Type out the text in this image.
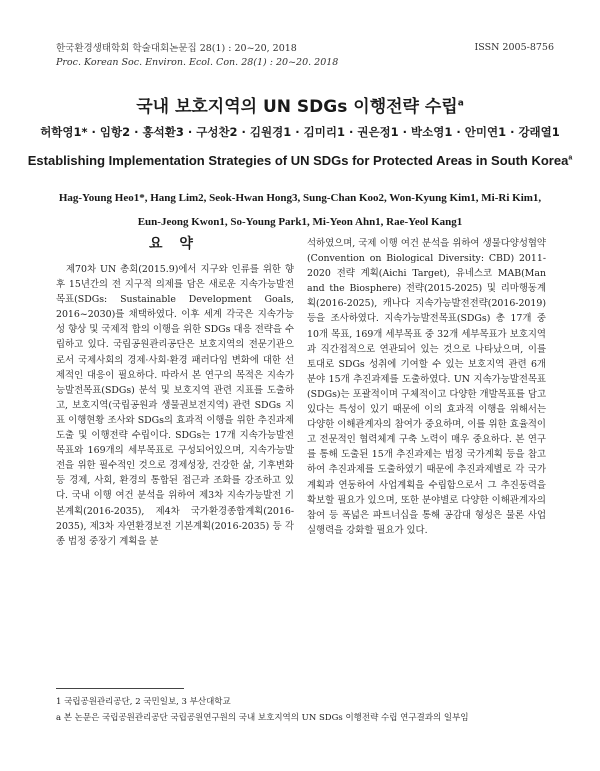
한국환경생태학회 학술대회논문집 28(1) : 20~20, 2018
Proc. Korean Soc. Environ. Ecol. Con. 28(1) : 20~20. 2018
ISSN 2005-8756
국내 보호지역의 UN SDGs 이행전략 수립$^a$
허학영1* · 임항2 · 홍석환3 · 구성찬2 · 김원경1 · 김미리1 · 권은정1 · 박소영1 · 안미연1 · 강래열1
Establishing Implementation Strategies of UN SDGs for Protected Areas in South Korea$^a$
Hag-Young Heo1*, Hang Lim2, Seok-Hwan Hong3, Sung-Chan Koo2, Won-Kyung Kim1, Mi-Ri Kim1,
Eun-Jeong Kwon1, So-Young Park1, Mi-Yeon Ahn1, Rae-Yeol Kang1
요 약

제70차 UN 총회(2015.9)에서 지구와 인류를 위한 향후 15년간의 전 지구적 의제를 담은 새로운 지속가능발전목표(SDGs: Sustainable Development Goals, 2016~2030)를 채택하였다. 이후 세계 각국은 지속가능성 향상 및 국제적 합의 이행을 위한 SDGs 대응 전략을 수립하고 있다. 국립공원관리공단은 보호지역의 전문기관으로서 국제사회의 경제·사회·환경 패러다임 변화에 대한 선제적인 대응이 필요하다. 따라서 본 연구의 목적은 지속가능발전목표(SDGs) 분석 및 보호지역 관련 지표를 도출하고, 보호지역(국립공원과 생물권보전지역) 관련 SDGs 지표 이행현황 조사와 SDGs의 효과적 이행을 위한 추진과제 도출 및 이행전략 수립이다. SDGs는 17개 지속가능발전목표와 169개의 세부목표로 구성되어있으며, 지속가능발전을 위한 필수적인 것으로 경제성장, 건강한 삶, 기후변화 등 경제, 사회, 환경의 통합된 접근과 조화를 강조하고 있다. 국내 이행 여건 분석을 위하여 제3차 지속가능발전 기본계획(2016-2035), 제4차 국가환경종합계획(2016-2035), 제3차 자연환경보전 기본계획(2016-2035) 등 각 종 법정 중장기 계획을 분

석하였으며, 국제 이행 여건 분석을 위하여 생물다양성협약(Convention on Biological Diversity: CBD) 2011-2020 전략 계획(Aichi Target), 유네스코 MAB(Man and the Biosphere) 전략(2015-2025) 및 리마행동계획(2016-2025), 캐나다 지속가능발전전략(2016-2019) 등을 조사하였다. 지속가능발전목표(SDGs) 총 17개 중 10개 목표, 169개 세부목표 중 32개 세부목표가 보호지역과 직간접적으로 연관되어 있는 것으로 나타났으며, 이를 토대로 SDGs 성취에 기여할 수 있는 보호지역 관련 6개 분야 15개 추진과제를 도출하였다. UN 지속가능발전목표(SDGs)는 포괄적이며 구체적이고 다양한 개발목표를 담고 있다는 특성이 있기 때문에 이의 효과적 이행을 위해서는 다양한 이해관계자의 참여가 중요하며, 이를 위한 효율적이고 전문적인 협력체계 구축 노력이 매우 중요하다. 본 연구를 통해 도출된 15개 추진과제는 법정 국가계획 등을 참고하여 추진과제를 도출하였기 때문에 추진과제별로 각 국가계획과 연동하여 사업계획을 수립함으로서 그 추진동력을 확보할 필요가 있으며, 또한 분야별로 다양한 이해관계자의 참여 등 폭넓은 파트너십을 통해 공감대 형성은 물론 사업 실행력을 강화할 필요가 있다.

1 국립공원관리공단, 2 국민일보, 3 부산대학교
a 본 논문은 국립공원관리공단 국립공원연구원의 국내 보호지역의 UN SDGs 이행전략 수립 연구결과의 일부임
